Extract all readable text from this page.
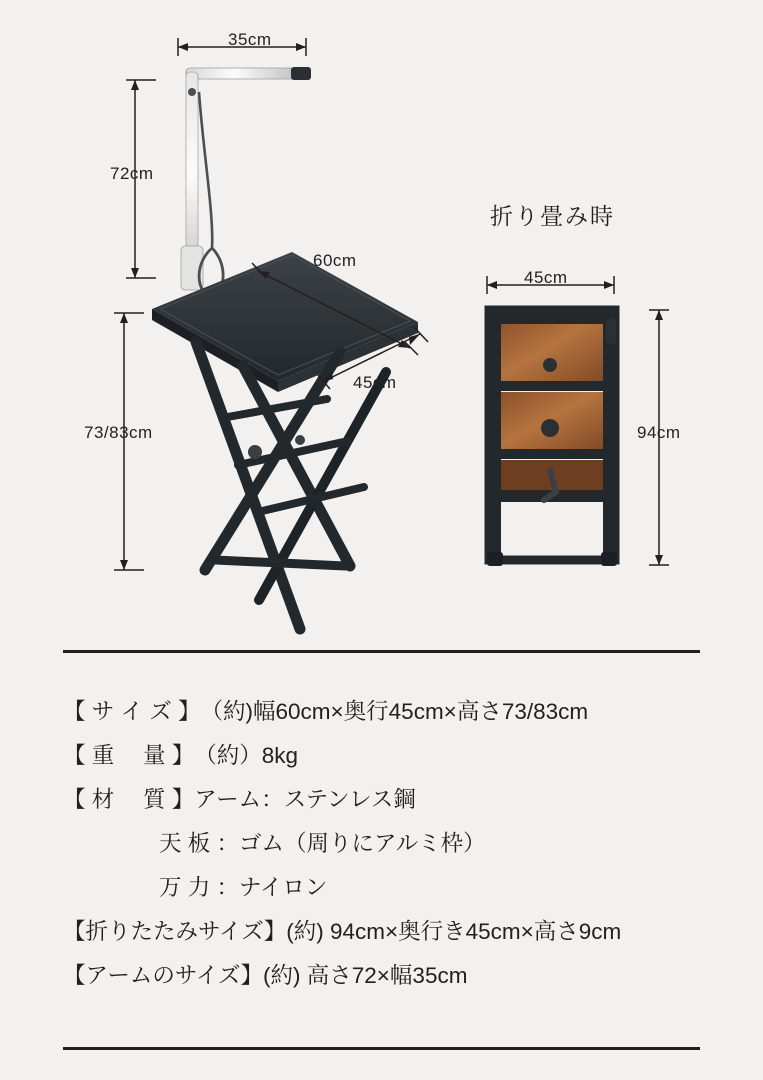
35cm
72cm
60cm
45cm
73/83cm
折り畳み時
45cm
94cm
【 サ イ ズ 】 （約)幅60cm×奥行45cm×高さ73/83cm
【 重　 量 】 （約）8kg
【 材　 質 】 アーム：ステンレス鋼
天 板 ：ゴム（周りにアルミ枠）
万 力 ：ナイロン
【折りたたみサイズ】 (約) 94cm×奥行き45cm×高さ9cm
【アームのサイズ】 (約) 高さ72×幅35cm
